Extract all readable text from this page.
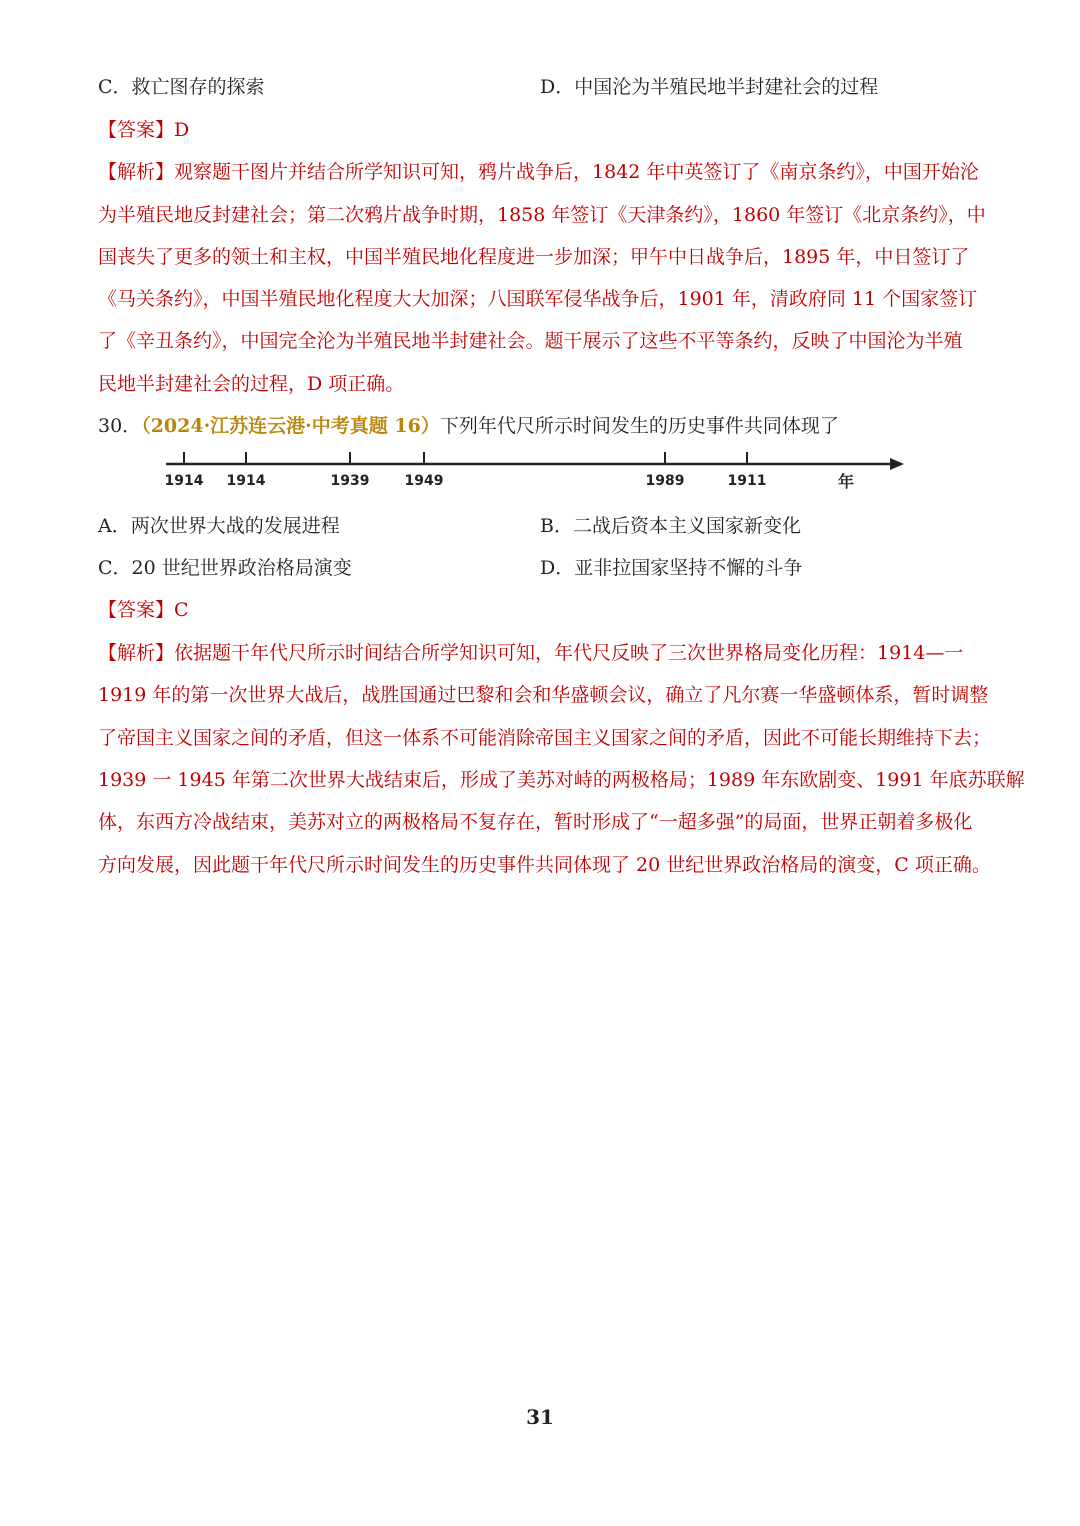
C．救亡图存的探索	D．中国沦为半殖民地半封建社会的过程
【答案】D
【解析】观察题干图片并结合所学知识可知，鸦片战争后，1842 年中英签订了《南京条约》，中国开始沦
为半殖民地反封建社会；第二次鸦片战争时期，1858 年签订《天津条约》，1860 年签订《北京条约》，中
国丧失了更多的领土和主权，中国半殖民地化程度进一步加深；甲午中日战争后，1895 年，中日签订了
《马关条约》，中国半殖民地化程度大大加深；八国联军侵华战争后，1901 年，清政府同 11 个国家签订
了《辛丑条约》，中国完全沦为半殖民地半封建社会。题干展示了这些不平等条约，反映了中国沦为半殖
民地半封建社会的过程，D 项正确。
30．（2024·江苏连云港·中考真题 16）下列年代尺所示时间发生的历史事件共同体现了
1914 1914	1939	1949	1989	1911	年
A．两次世界大战的发展进程	B．二战后资本主义国家新变化
C．20 世纪世界政治格局演变	D．亚非拉国家坚持不懈的斗争
【答案】C
【解析】依据题干年代尺所示时间结合所学知识可知，年代尺反映了三次世界格局变化历程：1914—一
1919 年的第一次世界大战后，战胜国通过巴黎和会和华盛顿会议，确立了凡尔赛一华盛顿体系，暂时调整
了帝国主义国家之间的矛盾，但这一体系不可能消除帝国主义国家之间的矛盾，因此不可能长期维持下去；
1939 一 1945 年第二次世界大战结束后，形成了美苏对峙的两极格局；1989 年东欧剧变、1991 年底苏联解
体，东西方冷战结束，美苏对立的两极格局不复存在，暂时形成了“一超多强”的局面，世界正朝着多极化
方向发展，因此题干年代尺所示时间发生的历史事件共同体现了 20 世纪世界政治格局的演变，C 项正确。
31
